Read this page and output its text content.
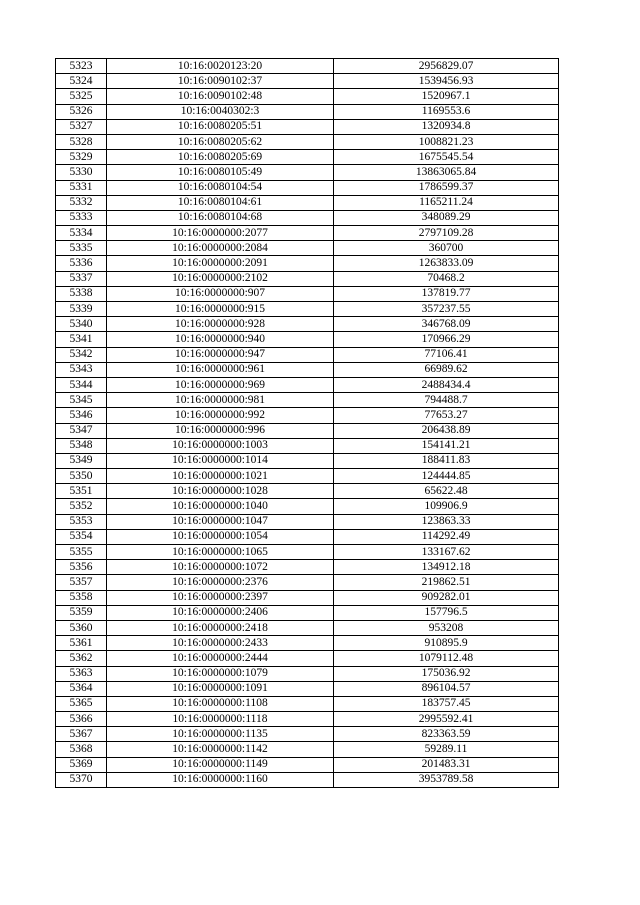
5323	10:16:0020123:20	2956829.07
5324	10:16:0090102:37	1539456.93
5325	10:16:0090102:48	1520967.1
5326	10:16:0040302:3	1169553.6
5327	10:16:0080205:51	1320934.8
5328	10:16:0080205:62	1008821.23
5329	10:16:0080205:69	1675545.54
5330	10:16:0080105:49	13863065.84
5331	10:16:0080104:54	1786599.37
5332	10:16:0080104:61	1165211.24
5333	10:16:0080104:68	348089.29
5334	10:16:0000000:2077	2797109.28
5335	10:16:0000000:2084	360700
5336	10:16:0000000:2091	1263833.09
5337	10:16:0000000:2102	70468.2
5338	10:16:0000000:907	137819.77
5339	10:16:0000000:915	357237.55
5340	10:16:0000000:928	346768.09
5341	10:16:0000000:940	170966.29
5342	10:16:0000000:947	77106.41
5343	10:16:0000000:961	66989.62
5344	10:16:0000000:969	2488434.4
5345	10:16:0000000:981	794488.7
5346	10:16:0000000:992	77653.27
5347	10:16:0000000:996	206438.89
5348	10:16:0000000:1003	154141.21
5349	10:16:0000000:1014	188411.83
5350	10:16:0000000:1021	124444.85
5351	10:16:0000000:1028	65622.48
5352	10:16:0000000:1040	109906.9
5353	10:16:0000000:1047	123863.33
5354	10:16:0000000:1054	114292.49
5355	10:16:0000000:1065	133167.62
5356	10:16:0000000:1072	134912.18
5357	10:16:0000000:2376	219862.51
5358	10:16:0000000:2397	909282.01
5359	10:16:0000000:2406	157796.5
5360	10:16:0000000:2418	953208
5361	10:16:0000000:2433	910895.9
5362	10:16:0000000:2444	1079112.48
5363	10:16:0000000:1079	175036.92
5364	10:16:0000000:1091	896104.57
5365	10:16:0000000:1108	183757.45
5366	10:16:0000000:1118	2995592.41
5367	10:16:0000000:1135	823363.59
5368	10:16:0000000:1142	59289.11
5369	10:16:0000000:1149	201483.31
5370	10:16:0000000:1160	3953789.58
